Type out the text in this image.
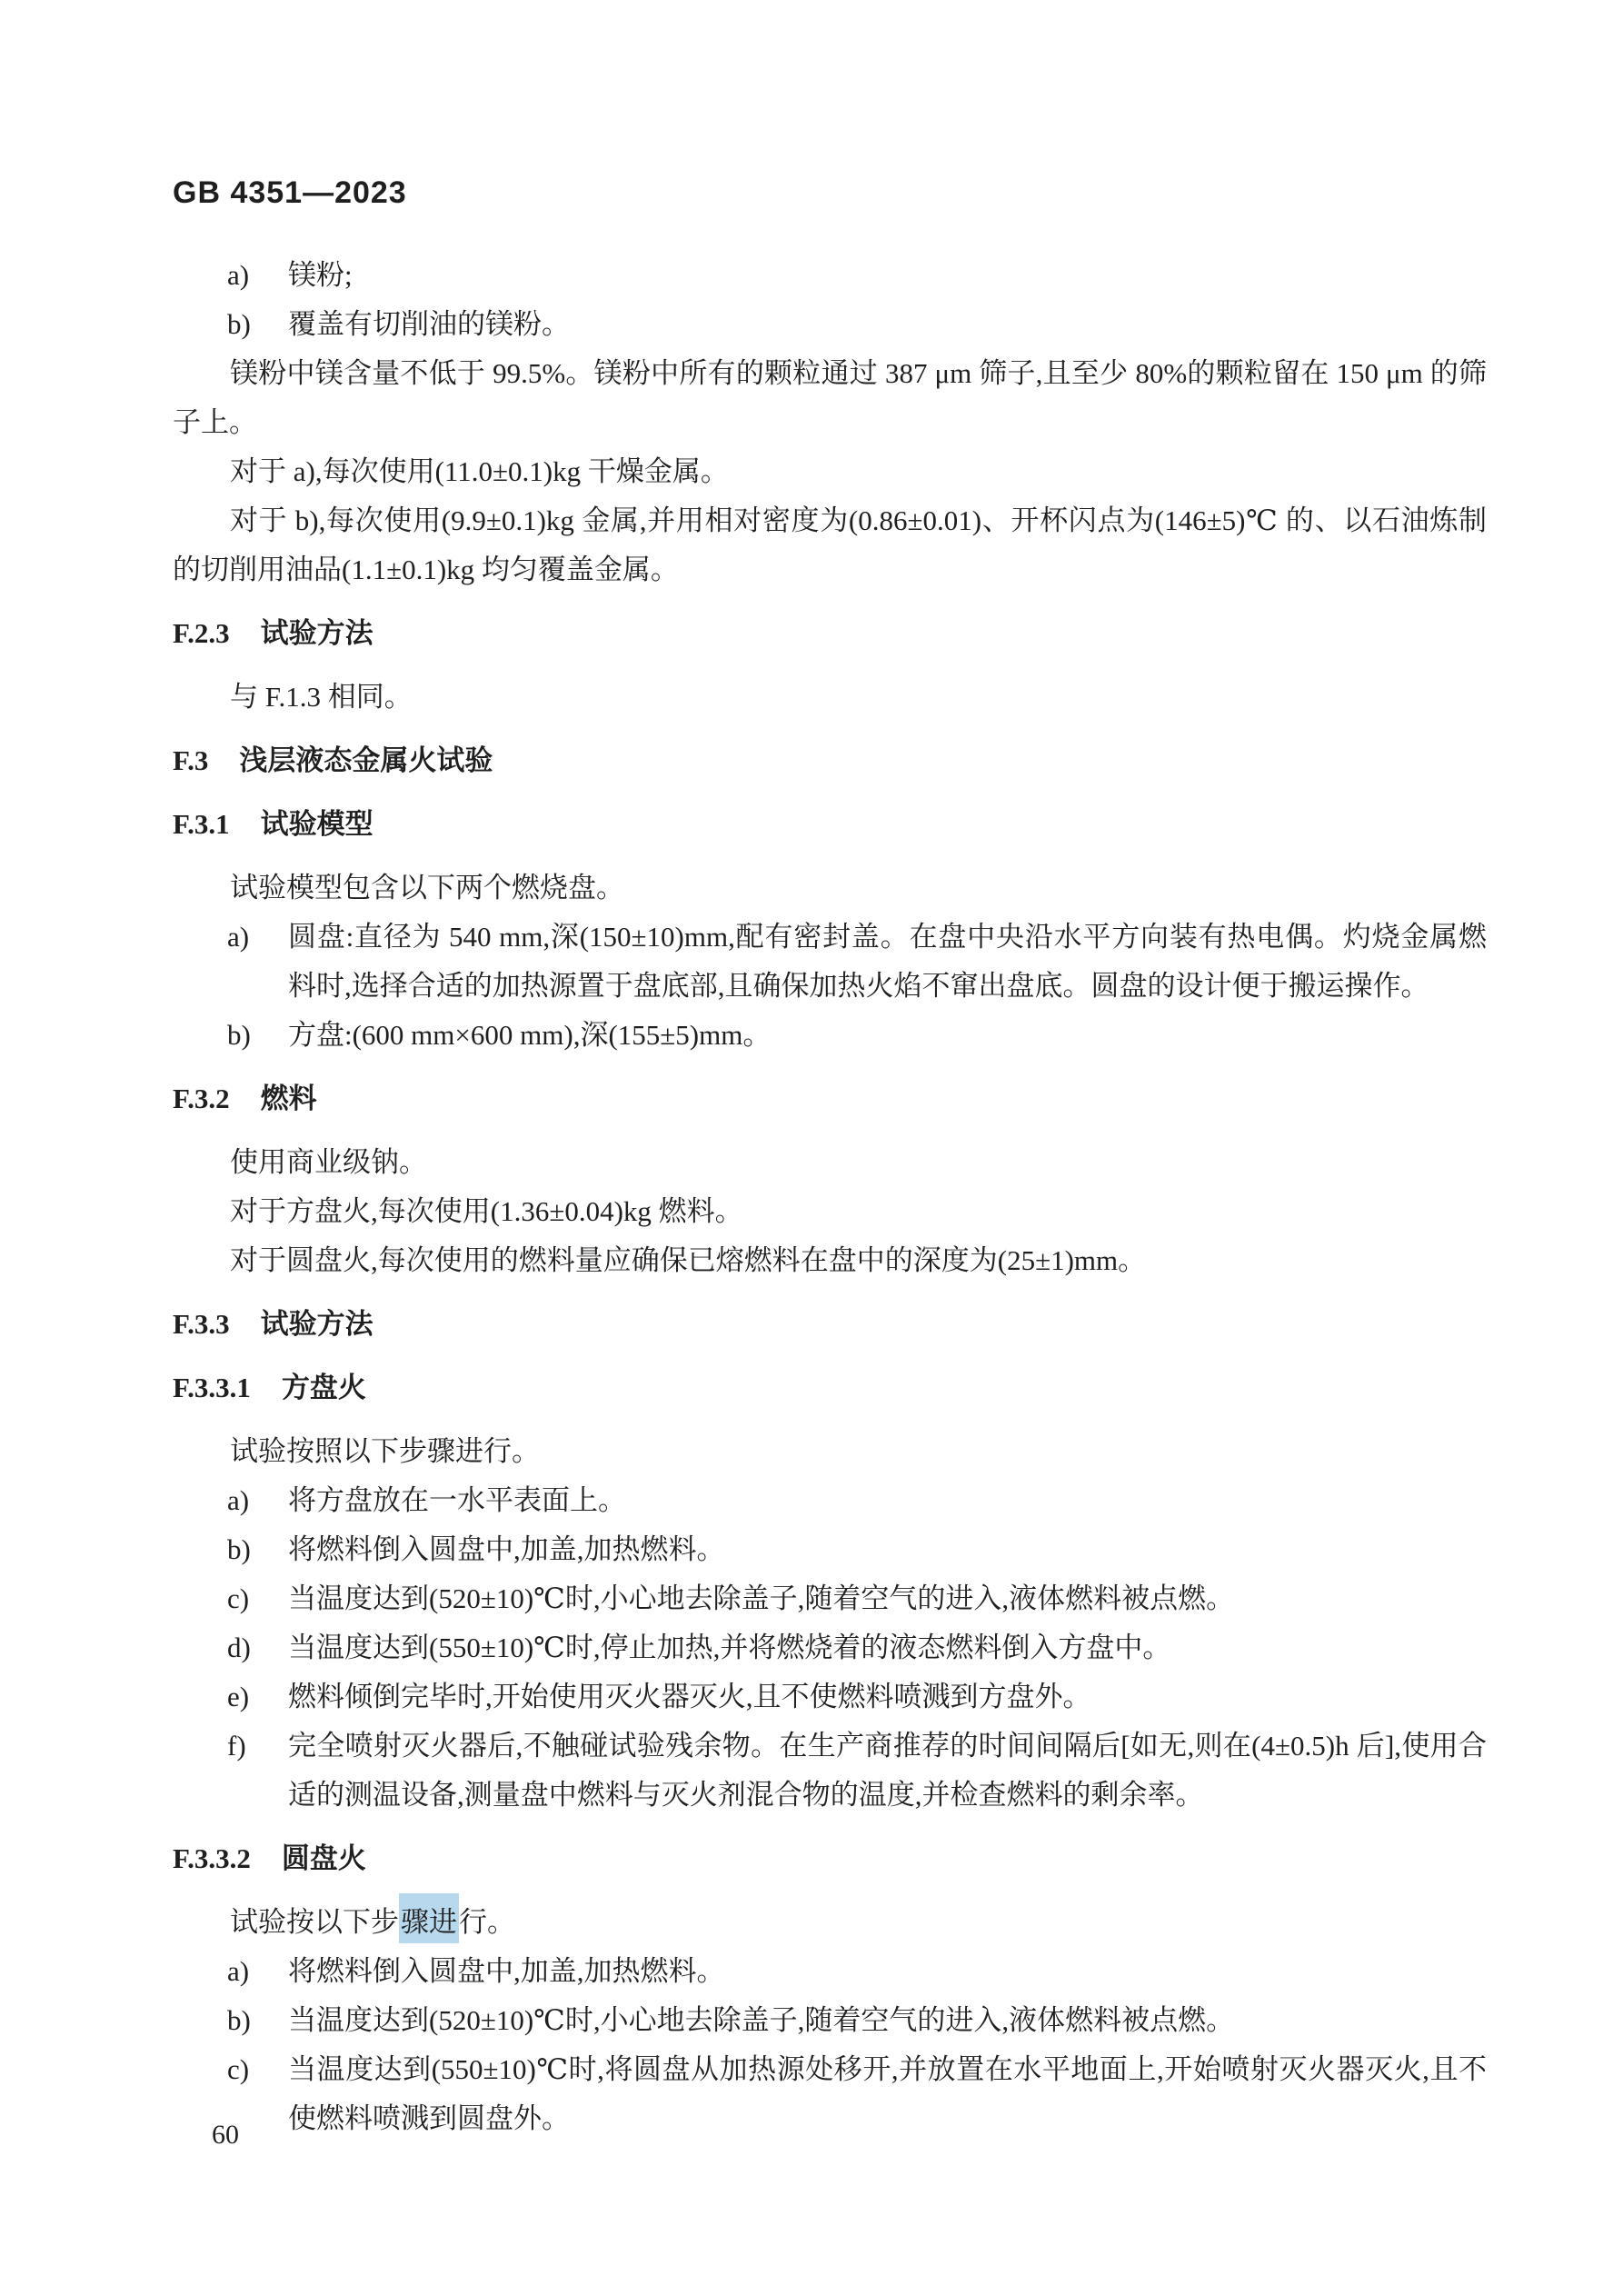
GB 4351—2023
a)	镁粉;
b)	覆盖有切削油的镁粉。

镁粉中镁含量不低于 99.5%。镁粉中所有的颗粒通过 387 μm 筛子,且至少 80%的颗粒留在 150 μm 的筛子上。

对于 a),每次使用(11.0±0.1)kg 干燥金属。

对于 b),每次使用(9.9±0.1)kg 金属,并用相对密度为(0.86±0.01)、开杯闪点为(146±5)℃ 的、以石油炼制的切削用油品(1.1±0.1)kg 均匀覆盖金属。

F.2.3 试验方法

与 F.1.3 相同。

F.3 浅层液态金属火试验
F.3.1 试验模型

试验模型包含以下两个燃烧盘。

a)	圆盘:直径为 540 mm,深(150±10)mm,配有密封盖。在盘中央沿水平方向装有热电偶。灼烧金属燃料时,选择合适的加热源置于盘底部,且确保加热火焰不窜出盘底。圆盘的设计便于搬运操作。
b)	方盘:(600 mm×600 mm),深(155±5)mm。
F.3.2 燃料

使用商业级钠。

对于方盘火,每次使用(1.36±0.04)kg 燃料。

对于圆盘火,每次使用的燃料量应确保已熔燃料在盘中的深度为(25±1)mm。

F.3.3 试验方法
F.3.3.1 方盘火

试验按照以下步骤进行。

a)	将方盘放在一水平表面上。
b)	将燃料倒入圆盘中,加盖,加热燃料。
c)	当温度达到(520±10)℃时,小心地去除盖子,随着空气的进入,液体燃料被点燃。
d)	当温度达到(550±10)℃时,停止加热,并将燃烧着的液态燃料倒入方盘中。
e)	燃料倾倒完毕时,开始使用灭火器灭火,且不使燃料喷溅到方盘外。
f)	完全喷射灭火器后,不触碰试验残余物。在生产商推荐的时间间隔后[如无,则在(4±0.5)h 后],使用合适的测温设备,测量盘中燃料与灭火剂混合物的温度,并检查燃料的剩余率。
F.3.3.2 圆盘火

试验按以下步骤进行。

a)	将燃料倒入圆盘中,加盖,加热燃料。
b)	当温度达到(520±10)℃时,小心地去除盖子,随着空气的进入,液体燃料被点燃。
c)	当温度达到(550±10)℃时,将圆盘从加热源处移开,并放置在水平地面上,开始喷射灭火器灭火,且不使燃料喷溅到圆盘外。
60
